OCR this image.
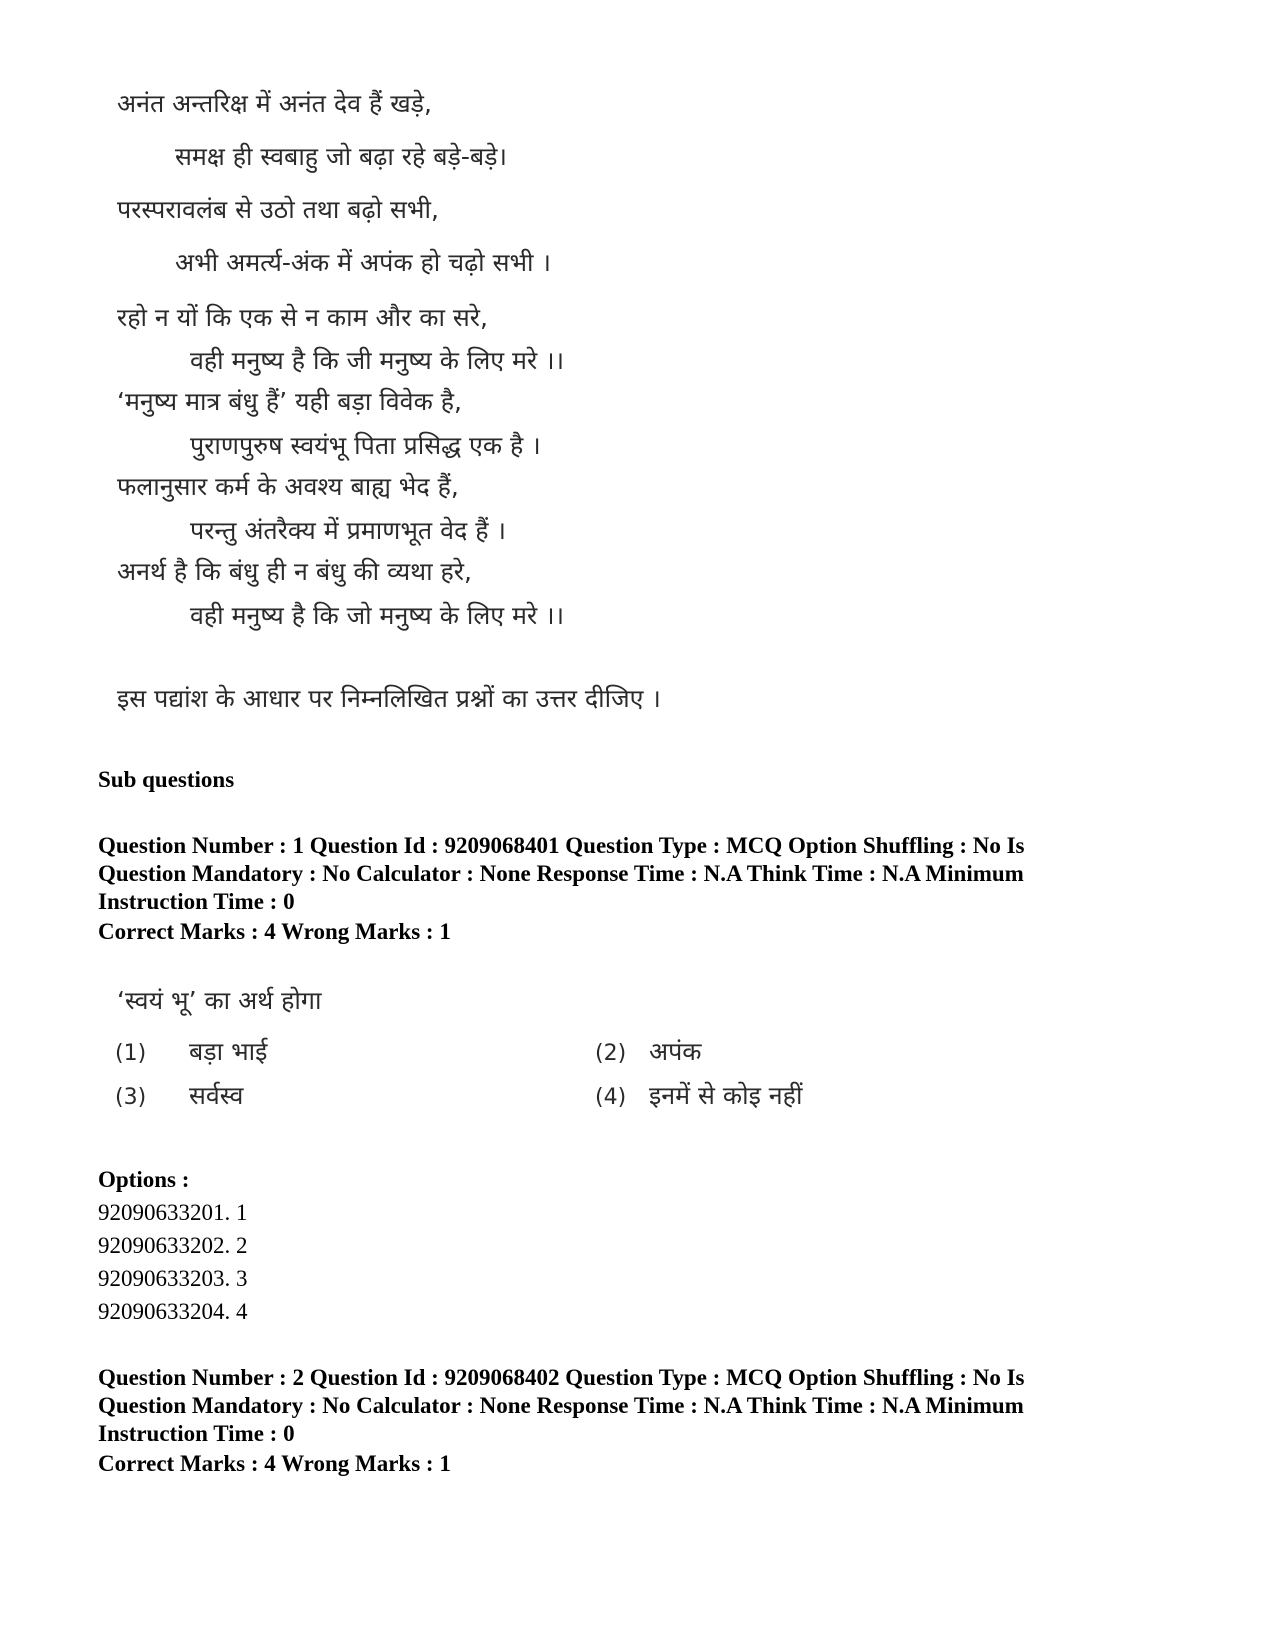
अनंत अन्तरिक्ष में अनंत देव हैं खड़े,
समक्ष ही स्वबाहु जो बढ़ा रहे बड़े-बड़े।
परस्परावलंब से उठो तथा बढ़ो सभी,
अभी अमर्त्य-अंक में अपंक हो चढ़ो सभी ।
रहो न यों कि एक से न काम और का सरे,
वही मनुष्य है कि जी मनुष्य के लिए मरे ।।
‘मनुष्य मात्र बंधु हैं’ यही बड़ा विवेक है,
पुराणपुरुष स्वयंभू पिता प्रसिद्ध एक है ।
फलानुसार कर्म के अवश्य बाह्य भेद हैं,
परन्तु अंतरैक्य में प्रमाणभूत वेद हैं ।
अनर्थ है कि बंधु ही न बंधु की व्यथा हरे,
वही मनुष्य है कि जो मनुष्य के लिए मरे ।।
इस पद्यांश के आधार पर निम्नलिखित प्रश्नों का उत्तर दीजिए ।
Sub questions
Question Number : 1 Question Id : 9209068401 Question Type : MCQ Option Shuffling : No Is
Question Mandatory : No Calculator : None Response Time : N.A Think Time : N.A Minimum
Instruction Time : 0
Correct Marks : 4 Wrong Marks : 1
‘स्वयं भू’ का अर्थ होगा
(1) बड़ा भाई	(2) अपंक
(3) सर्वस्व	(4) इनमें से कोइ नहीं
Options :
92090633201. 1
92090633202. 2
92090633203. 3
92090633204. 4
Question Number : 2 Question Id : 9209068402 Question Type : MCQ Option Shuffling : No Is
Question Mandatory : No Calculator : None Response Time : N.A Think Time : N.A Minimum
Instruction Time : 0
Correct Marks : 4 Wrong Marks : 1
